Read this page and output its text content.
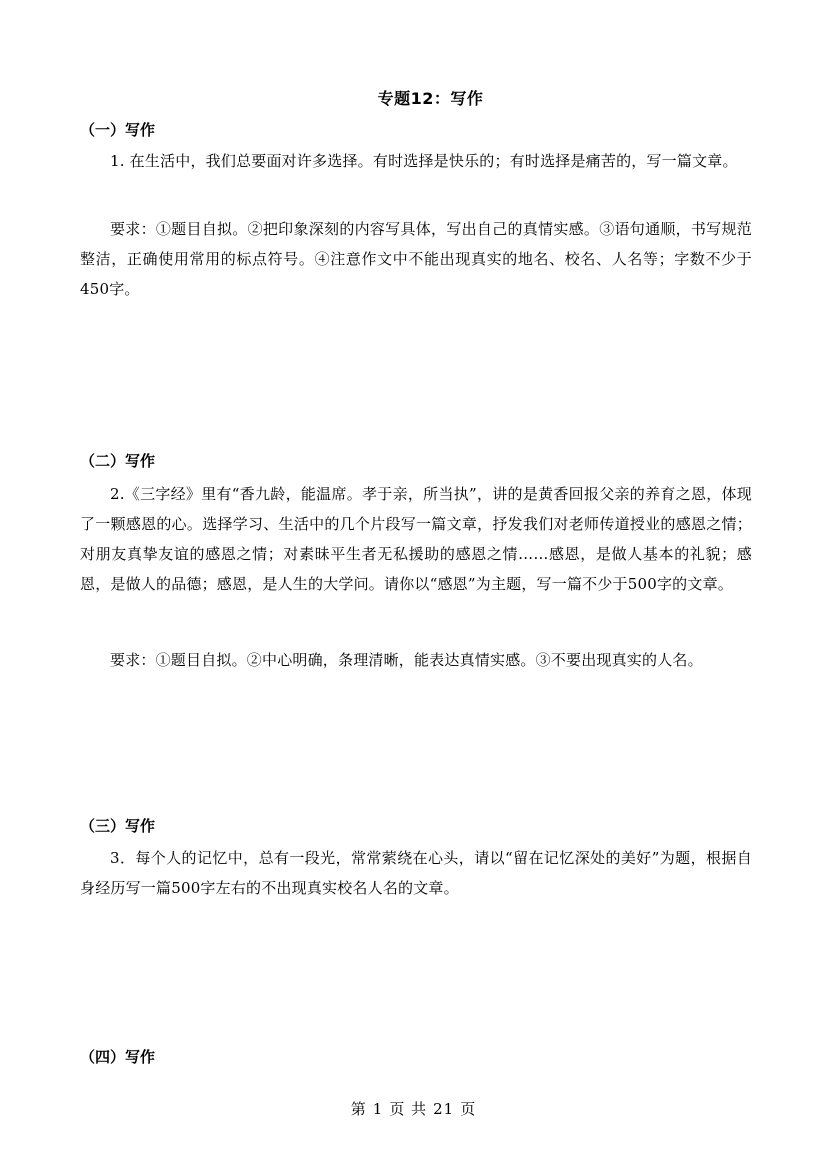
专题12：写作
（一）写作
1. 在生活中，我们总要面对许多选择。有时选择是快乐的；有时选择是痛苦的，写一篇文章。
要求：①题目自拟。②把印象深刻的内容写具体，写出自己的真情实感。③语句通顺，书写规范整洁，正确使用常用的标点符号。④注意作文中不能出现真实的地名、校名、人名等；字数不少于450字。
（二）写作
2.《三字经》里有“香九龄，能温席。孝于亲，所当执”，讲的是黄香回报父亲的养育之恩，体现了一颗感恩的心。选择学习、生活中的几个片段写一篇文章，抒发我们对老师传道授业的感恩之情；对朋友真挚友谊的感恩之情；对素昧平生者无私援助的感恩之情……感恩，是做人基本的礼貌；感恩，是做人的品德；感恩，是人生的大学问。请你以“感恩”为主题，写一篇不少于500字的文章。
要求：①题目自拟。②中心明确，条理清晰，能表达真情实感。③不要出现真实的人名。
（三）写作
3．每个人的记忆中，总有一段光，常常萦绕在心头，请以“留在记忆深处的美好”为题，根据自身经历写一篇500字左右的不出现真实校名人名的文章。
（四）写作
第 1 页 共 21 页
